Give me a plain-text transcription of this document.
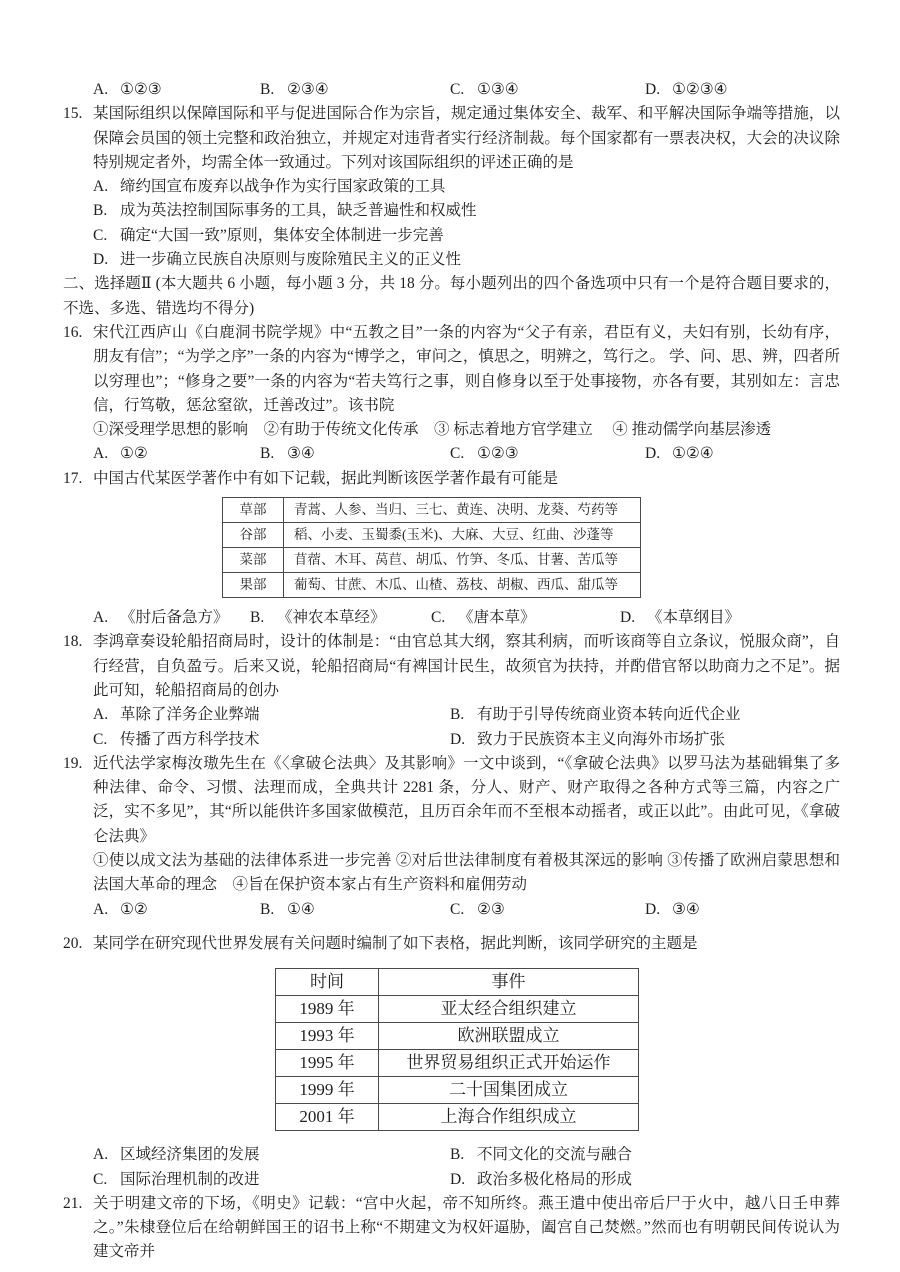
A. ①②③	B. ②③④	C. ①③④	D. ①②③④
15. 某国际组织以保障国际和平与促进国际合作为宗旨，规定通过集体安全、裁军、和平解决国际争端等措施，以保障会员国的领土完整和政治独立，并规定对违背者实行经济制裁。每个国家都有一票表决权，大会的决议除特别规定者外，均需全体一致通过。下列对该国际组织的评述正确的是
A. 缔约国宣布废弃以战争作为实行国家政策的工具
B. 成为英法控制国际事务的工具，缺乏普遍性和权威性
C. 确定“大国一致”原则，集体安全体制进一步完善
D. 进一步确立民族自决原则与废除殖民主义的正义性
二、选择题Ⅱ (本大题共 6 小题，每小题 3 分，共 18 分。每小题列出的四个备选项中只有一个是符合题目要求的，不选、多选、错选均不得分)
16. 宋代江西庐山《白鹿洞书院学规》中“五教之目”一条的内容为“父子有亲，君臣有义，夫妇有别，长幼有序，朋友有信”；“为学之序”一条的内容为“博学之，审问之，慎思之，明辨之，笃行之。 学、问、思、辨，四者所以穷理也”；“修身之要”一条的内容为“若夫笃行之事，则自修身以至于处事接物，亦各有要，其别如左：言忠信，行笃敬，惩忿窒欲，迁善改过”。该书院
①深受理学思想的影响　②有助于传统文化传承　③ 标志着地方官学建立　 ④ 推动儒学向基层渗透
A. ①②	B. ③④	C. ①②③	D. ①②④
17. 中国古代某医学著作中有如下记载，据此判断该医学著作最有可能是
草部	青蒿、人参、当归、三七、黄连、决明、龙葵、芍药等
谷部	稻、小麦、玉蜀黍(玉米)、大麻、大豆、红曲、沙蓬等
菜部	苜蓿、木耳、莴苣、胡瓜、竹笋、冬瓜、甘薯、苦瓜等
果部	葡萄、甘蔗、木瓜、山楂、荔枝、胡椒、西瓜、甜瓜等
A. 《肘后备急方》 B. 《神农本草经》	C. 《唐本草》	D. 《本草纲目》
18. 李鸿章奏设轮船招商局时，设计的体制是：“由官总其大纲，察其利病，而听该商等自立条议，悦服众商”，自行经营，自负盈亏。后来又说，轮船招商局“有裨国计民生，故须官为扶持，并酌借官帑以助商力之不足”。据此可知，轮船招商局的创办
A. 革除了洋务企业弊端	B. 有助于引导传统商业资本转向近代企业
C. 传播了西方科学技术	D. 致力于民族资本主义向海外市场扩张
19. 近代法学家梅汝璈先生在《〈拿破仑法典〉及其影响》一文中谈到，“《拿破仑法典》以罗马法为基础辑集了多种法律、命令、习惯、法理而成，全典共计 2281 条，分人、财产、财产取得之各种方式等三篇，内容之广泛，实不多见”，其“所以能供许多国家做模范，且历百余年而不至根本动摇者，或正以此”。由此可见，《拿破仑法典》
①使以成文法为基础的法律体系进一步完善 ②对后世法律制度有着极其深远的影响 ③传播了欧洲启蒙思想和法国大革命的理念　④旨在保护资本家占有生产资料和雇佣劳动
A. ①②	B. ①④	C. ②③	D. ③④
20. 某同学在研究现代世界发展有关问题时编制了如下表格，据此判断，该同学研究的主题是
时间	事件
1989 年	亚太经合组织建立
1993 年	欧洲联盟成立
1995 年	世界贸易组织正式开始运作
1999 年	二十国集团成立
2001 年	上海合作组织成立
A. 区域经济集团的发展	B. 不同文化的交流与融合
C. 国际治理机制的改进	D. 政治多极化格局的形成
21. 关于明建文帝的下场，《明史》记载：“宫中火起，帝不知所终。燕王遣中使出帝后尸于火中，越八日壬申葬之。”朱棣登位后在给朝鲜国王的诏书上称“不期建文为权奸逼胁，阖宫自己焚燃。”然而也有明朝民间传说认为建文帝并
